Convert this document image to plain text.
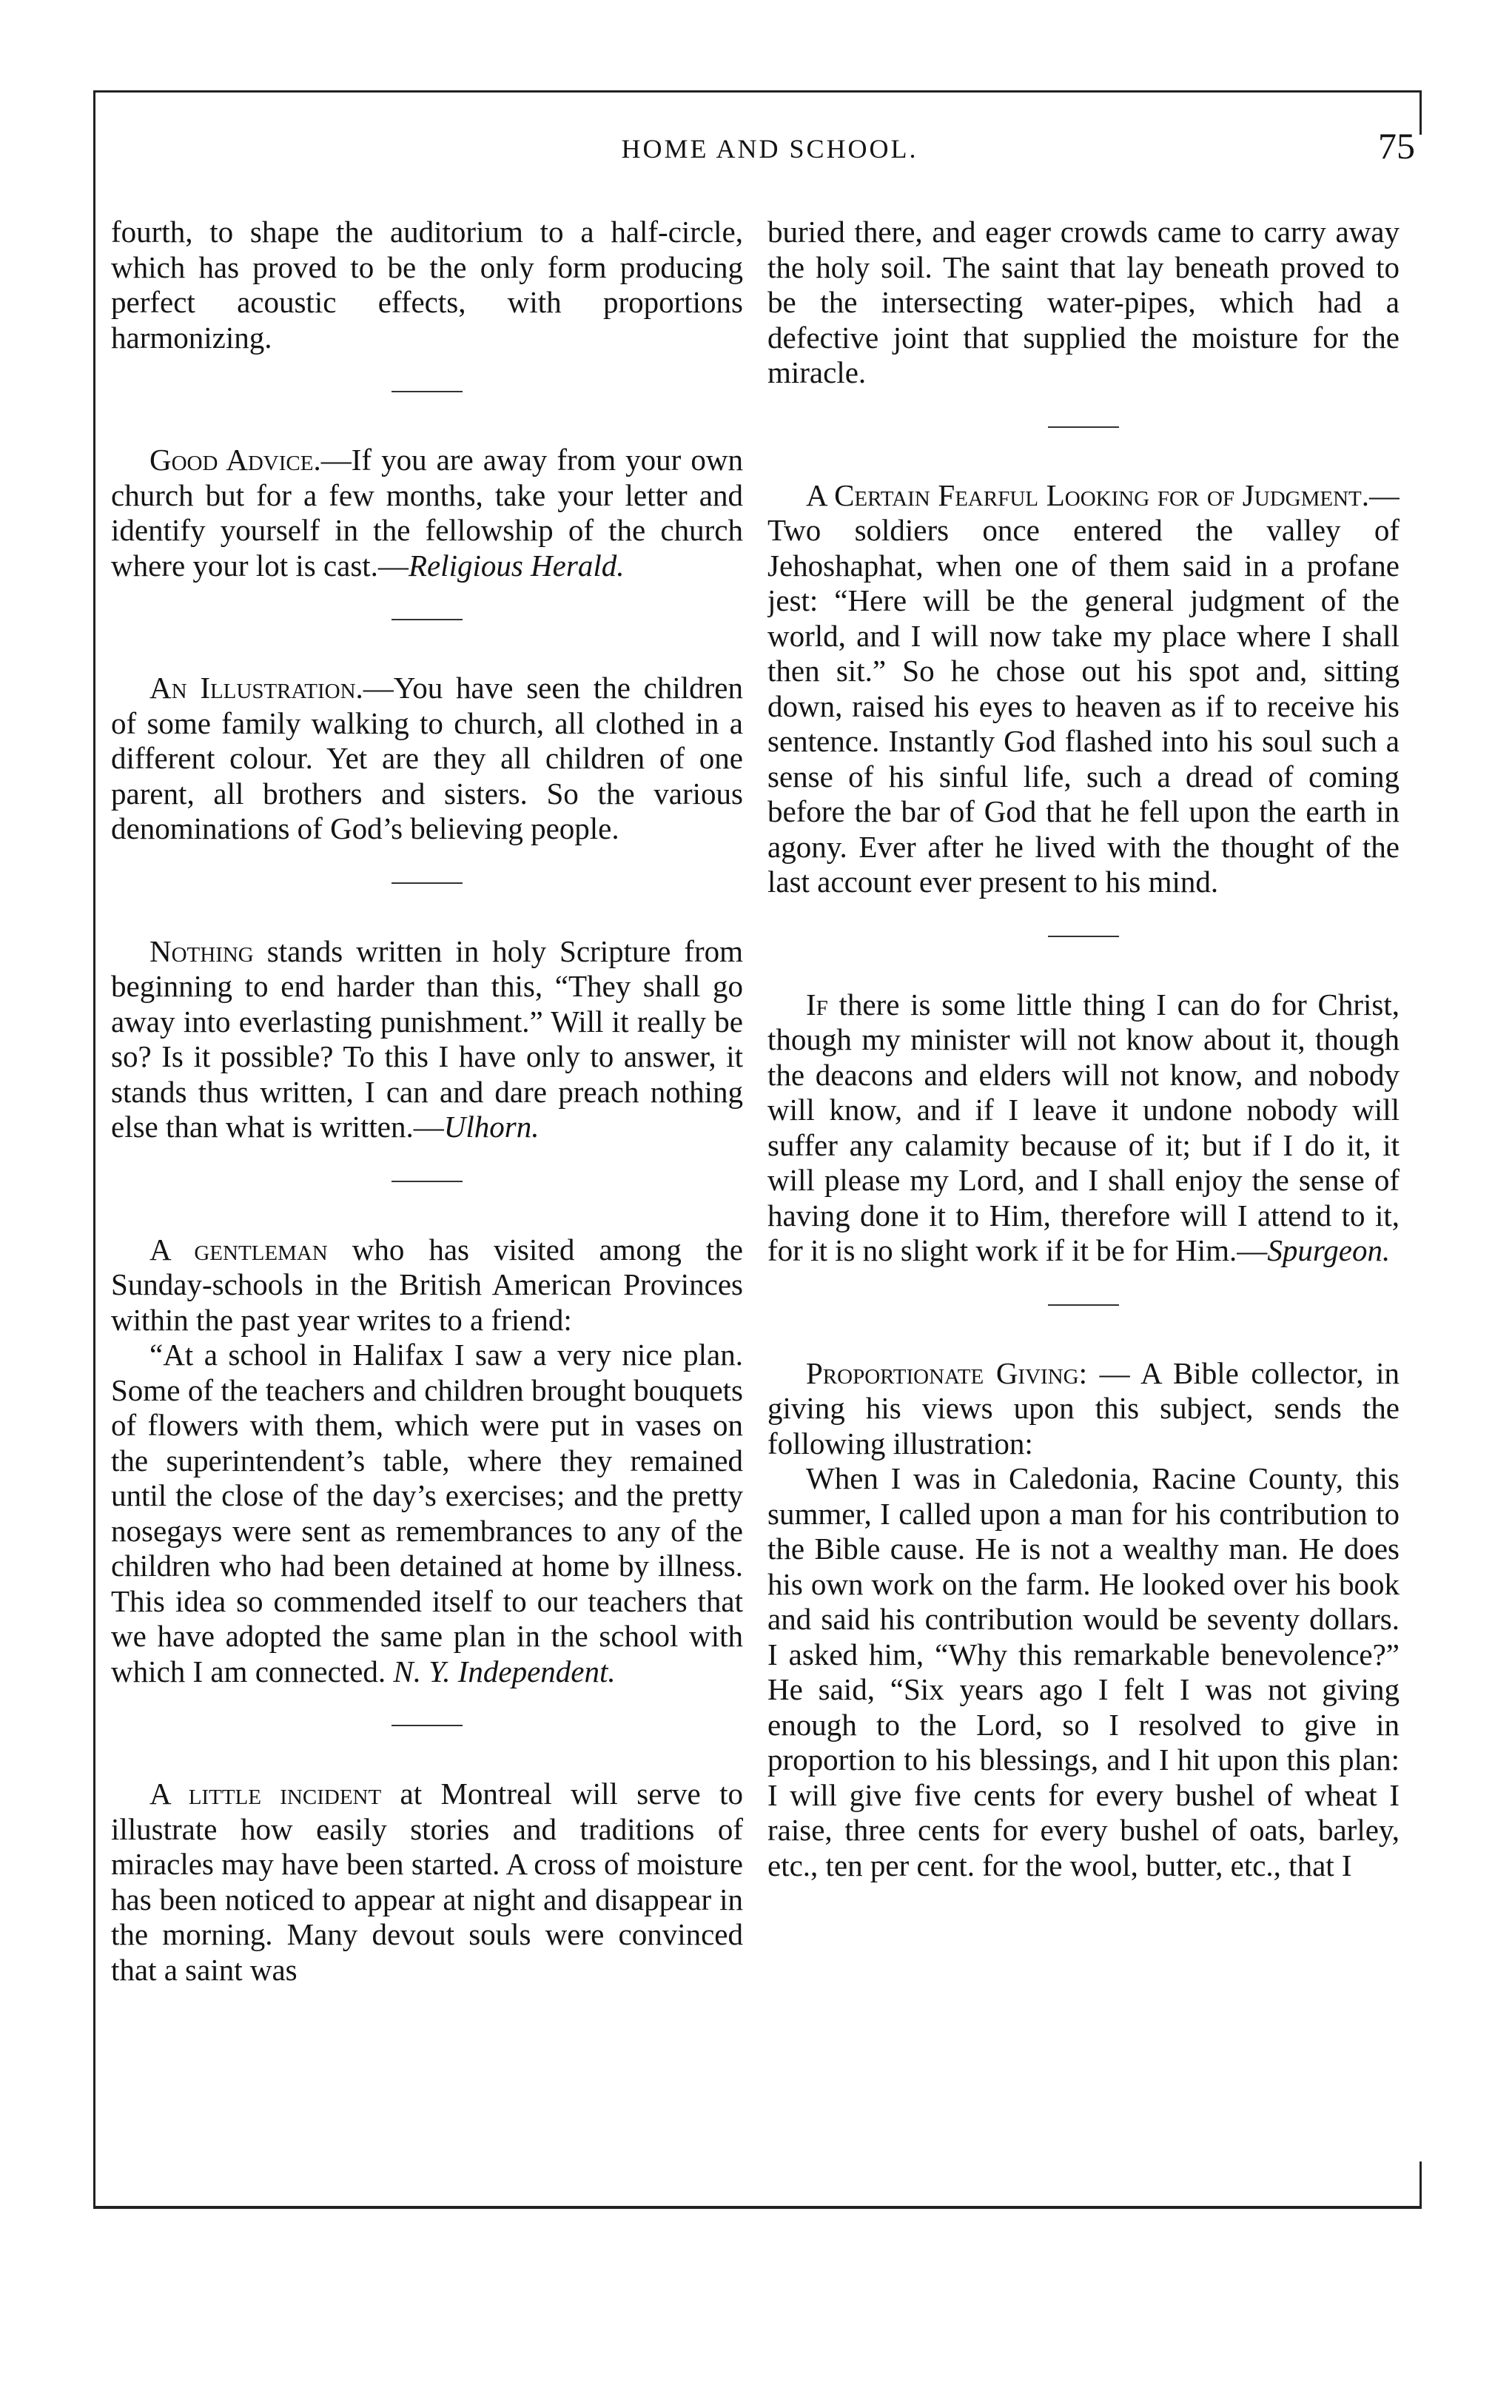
HOME AND SCHOOL.	75

fourth, to shape the auditorium to a half-circle, which has proved to be the only form producing perfect acoustic effects, with proportions harmonizing.

Good Advice.—If you are away from your own church but for a few months, take your letter and identify yourself in the fellowship of the church where your lot is cast.—Religious Herald.

An Illustration.—You have seen the children of some family walking to church, all clothed in a different colour. Yet are they all children of one parent, all brothers and sisters. So the various denominations of God’s believing people.

Nothing stands written in holy Scripture from beginning to end harder than this, “They shall go away into everlasting punishment.” Will it really be so? Is it possible? To this I have only to answer, it stands thus written, I can and dare preach nothing else than what is written.—Ulhorn.

A gentleman who has visited among the Sunday-schools in the British American Provinces within the past year writes to a friend:

“At a school in Halifax I saw a very nice plan. Some of the teachers and children brought bouquets of flowers with them, which were put in vases on the superintendent’s table, where they remained until the close of the day’s exercises; and the pretty nosegays were sent as remembrances to any of the children who had been detained at home by illness. This idea so commended itself to our teachers that we have adopted the same plan in the school with which I am connected. N. Y. Independent.

A little incident at Montreal will serve to illustrate how easily stories and traditions of miracles may have been started. A cross of moisture has been noticed to appear at night and disappear in the morning. Many devout souls were convinced that a saint was

buried there, and eager crowds came to carry away the holy soil. The saint that lay beneath proved to be the intersecting water-pipes, which had a defective joint that supplied the moisture for the miracle.

A Certain Fearful Looking for of Judgment.—Two soldiers once entered the valley of Jehoshaphat, when one of them said in a profane jest: “Here will be the general judgment of the world, and I will now take my place where I shall then sit.” So he chose out his spot and, sitting down, raised his eyes to heaven as if to receive his sentence. Instantly God flashed into his soul such a sense of his sinful life, such a dread of coming before the bar of God that he fell upon the earth in agony. Ever after he lived with the thought of the last account ever present to his mind.

If there is some little thing I can do for Christ, though my minister will not know about it, though the deacons and elders will not know, and nobody will know, and if I leave it undone nobody will suffer any calamity because of it; but if I do it, it will please my Lord, and I shall enjoy the sense of having done it to Him, therefore will I attend to it, for it is no slight work if it be for Him.—Spurgeon.

Proportionate Giving: — A Bible collector, in giving his views upon this subject, sends the following illustration:

When I was in Caledonia, Racine County, this summer, I called upon a man for his contribution to the Bible cause. He is not a wealthy man. He does his own work on the farm. He looked over his book and said his contribution would be seventy dollars. I asked him, “Why this remarkable benevolence?” He said, “Six years ago I felt I was not giving enough to the Lord, so I resolved to give in proportion to his blessings, and I hit upon this plan: I will give five cents for every bushel of wheat I raise, three cents for every bushel of oats, barley, etc., ten per cent. for the wool, butter, etc., that I
